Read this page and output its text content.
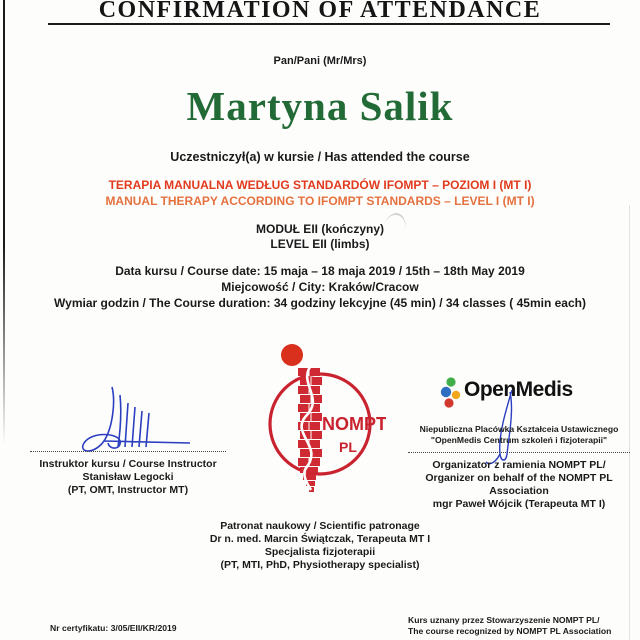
CONFIRMATION OF ATTENDANCE
Pan/Pani (Mr/Mrs)
Martyna Salik
Uczestniczył(a) w kursie / Has attended the course
TERAPIA MANUALNA WEDŁUG STANDARDÓW IFOMPT – POZIOM I (MT I)
MANUAL THERAPY ACCORDING TO IFOMPT STANDARDS – LEVEL I (MT I)
MODUŁ EII (kończyny)
LEVEL EII (limbs)
Data kursu / Course date: 15 maja – 18 maja 2019 / 15th – 18th May 2019
Miejcowość / City: Kraków/Cracow
Wymiar godzin / The Course duration: 34 godziny lekcyjne (45 min) / 34 classes ( 45min each)
NOMPT
PL
OpenMedis
Instruktor kursu / Course Instructor
Stanisław Legocki
(PT, OMT, Instructor MT)
Niepubliczna Placówka Kształceia Ustawicznego
"OpenMedis Centrum szkoleń i fizjoterapii"
Organizator z ramienia NOMPT PL/
Organizer on behalf of the NOMPT PL
Association
mgr Paweł Wójcik (Terapeuta MT I)
Patronat naukowy / Scientific patronage
Dr n. med. Marcin Świątczak, Terapeuta MT I
Specjalista fizjoterapii
(PT, MTI, PhD, Physiotherapy specialist)
Nr certyfikatu: 3/05/EII/KR/2019
Kurs uznany przez Stowarzyszenie NOMPT PL/
The course recognized by NOMPT PL Association
